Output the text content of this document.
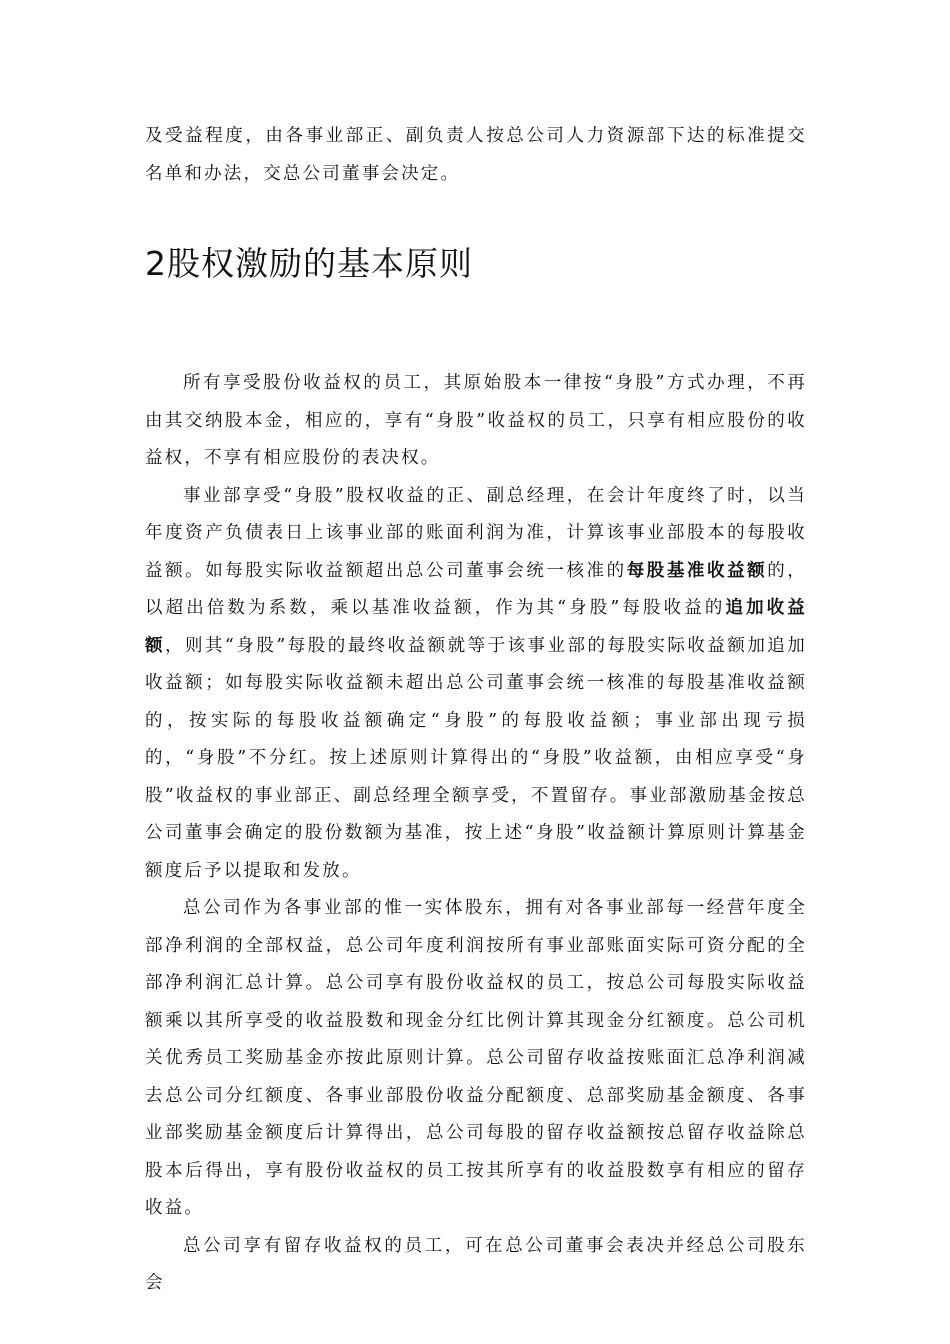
及受益程度，由各事业部正、副负责人按总公司人力资源部下达的标准提交名单和办法，交总公司董事会决定。

2股权激励的基本原则

所有享受股份收益权的员工，其原始股本一律按“身股”方式办理，不再由其交纳股本金，相应的，享有“身股”收益权的员工，只享有相应股份的收益权，不享有相应股份的表决权。

事业部享受“身股”股权收益的正、副总经理，在会计年度终了时，以当年度资产负债表日上该事业部的账面利润为准，计算该事业部股本的每股收益额。如每股实际收益额超出总公司董事会统一核准的每股基准收益额的，以超出倍数为系数，乘以基准收益额，作为其“身股”每股收益的追加收益额，则其“身股”每股的最终收益额就等于该事业部的每股实际收益额加追加收益额；如每股实际收益额未超出总公司董事会统一核准的每股基准收益额的，按实际的每股收益额确定“身股”的每股收益额；事业部出现亏损的，“身股”不分红。按上述原则计算得出的“身股”收益额，由相应享受“身股”收益权的事业部正、副总经理全额享受，不置留存。事业部激励基金按总公司董事会确定的股份数额为基准，按上述“身股”收益额计算原则计算基金额度后予以提取和发放。

总公司作为各事业部的惟一实体股东，拥有对各事业部每一经营年度全部净利润的全部权益，总公司年度利润按所有事业部账面实际可资分配的全部净利润汇总计算。总公司享有股份收益权的员工，按总公司每股实际收益额乘以其所享受的收益股数和现金分红比例计算其现金分红额度。总公司机关优秀员工奖励基金亦按此原则计算。总公司留存收益按账面汇总净利润减去总公司分红额度、各事业部股份收益分配额度、总部奖励基金额度、各事业部奖励基金额度后计算得出，总公司每股的留存收益额按总留存收益除总股本后得出，享有股份收益权的员工按其所享有的收益股数享有相应的留存收益。

总公司享有留存收益权的员工，可在总公司董事会表决并经总公司股东会
